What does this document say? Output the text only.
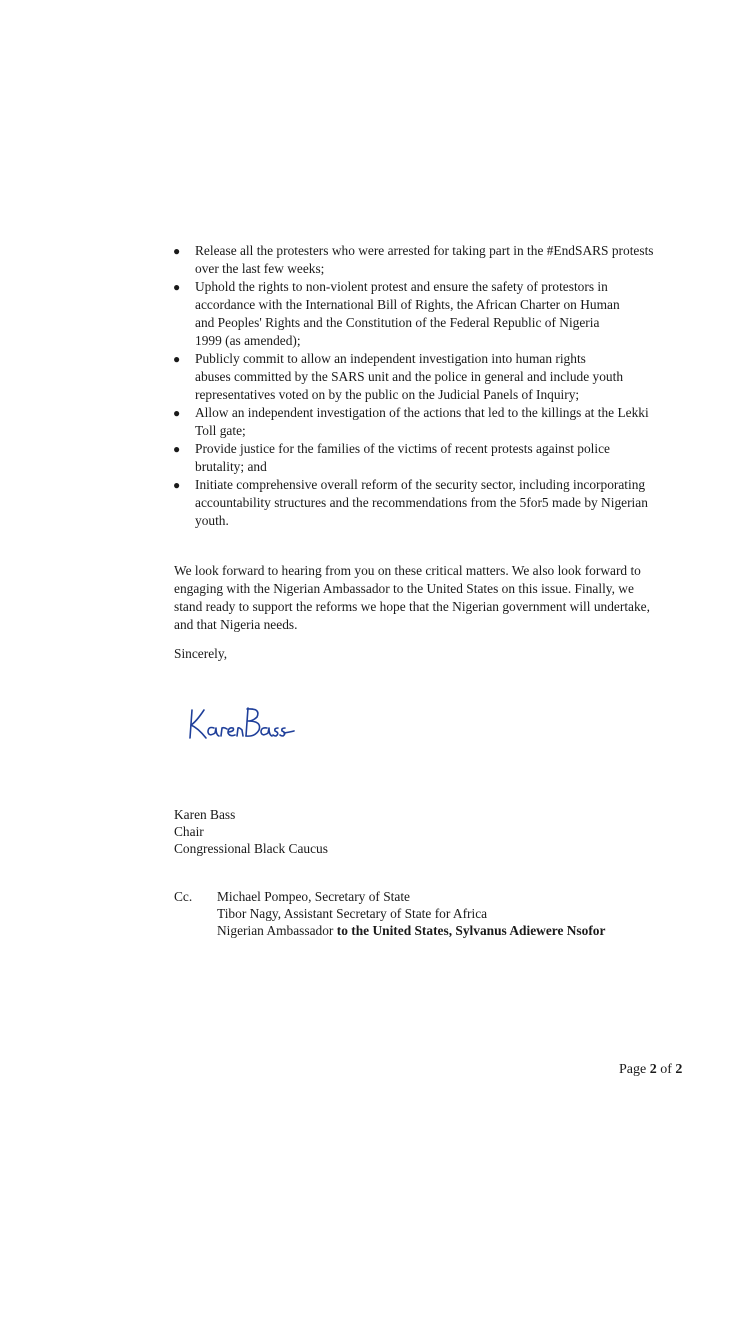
● Release all the protesters who were arrested for taking part in the #EndSARS protests
over the last few weeks;
● Uphold the rights to non-violent protest and ensure the safety of protestors in
accordance with the International Bill of Rights, the African Charter on Human
and Peoples' Rights and the Constitution of the Federal Republic of Nigeria
1999 (as amended);
● Publicly commit to allow an independent investigation into human rights
abuses committed by the SARS unit and the police in general and include youth
representatives voted on by the public on the Judicial Panels of Inquiry;
● Allow an independent investigation of the actions that led to the killings at the Lekki
Toll gate;
● Provide justice for the families of the victims of recent protests against police
brutality; and
● Initiate comprehensive overall reform of the security sector, including incorporating
accountability structures and the recommendations from the 5for5 made by Nigerian
youth.

We look forward to hearing from you on these critical matters. We also look forward to
engaging with the Nigerian Ambassador to the United States on this issue. Finally, we
stand ready to support the reforms we hope that the Nigerian government will undertake,
and that Nigeria needs.

Sincerely,

Karen Bass
Chair
Congressional Black Caucus
Cc. Michael Pompeo, Secretary of State
Tibor Nagy, Assistant Secretary of State for Africa
Nigerian Ambassador to the United States, Sylvanus Adiewere Nsofor
Page 2 of 2
